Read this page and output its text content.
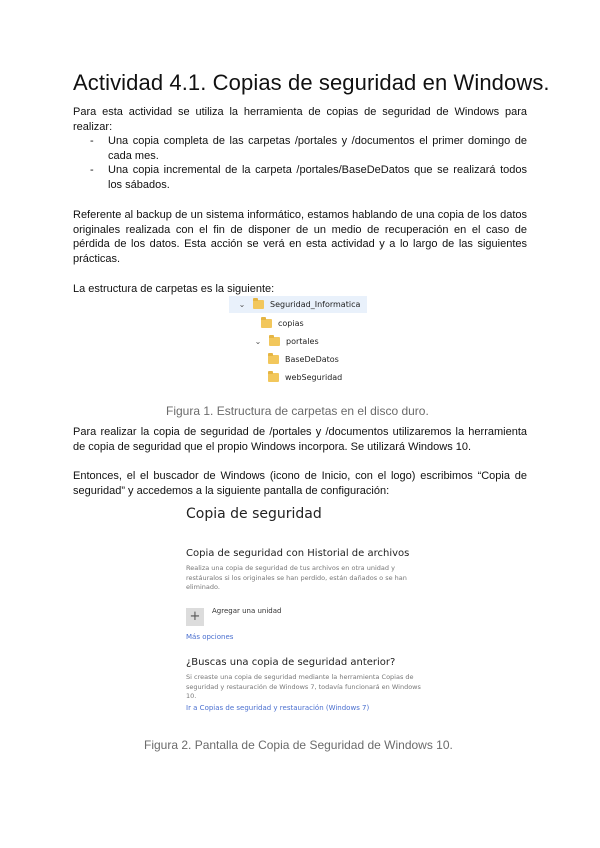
Actividad 4.1. Copias de seguridad en Windows.
Para esta actividad se utiliza la herramienta de copias de seguridad de Windows para realizar:
- Una copia completa de las carpetas /portales y /documentos el primer domingo de cada mes.
- Una copia incremental de la carpeta /portales/BaseDeDatos que se realizará todos los sábados.
Referente al backup de un sistema informático, estamos hablando de una copia de los datos originales realizada con el fin de disponer de un medio de recuperación en el caso de pérdida de los datos. Esta acción se verá en esta actividad y a lo largo de las siguientes prácticas.
La estructura de carpetas es la siguiente:
⌄	Seguridad_Informatica
copias
⌄	portales
BaseDeDatos
webSeguridad
Figura 1. Estructura de carpetas en el disco duro.
Para realizar la copia de seguridad de /portales y /documentos utilizaremos la herramienta de copia de seguridad que el propio Windows incorpora. Se utilizará Windows 10.
Entonces, el el buscador de Windows (icono de Inicio, con el logo) escribimos “Copia de seguridad” y accedemos a la siguiente pantalla de configuración:
Copia de seguridad
Copia de seguridad con Historial de archivos
Realiza una copia de seguridad de tus archivos en otra unidad y restáuralos si los originales se han perdido, están dañados o se han eliminado.
+	Agregar una unidad
Más opciones
¿Buscas una copia de seguridad anterior?
Si creaste una copia de seguridad mediante la herramienta Copias de seguridad y restauración de Windows 7, todavía funcionará en Windows 10.
Ir a Copias de seguridad y restauración (Windows 7)
Figura 2. Pantalla de Copia de Seguridad de Windows 10.
